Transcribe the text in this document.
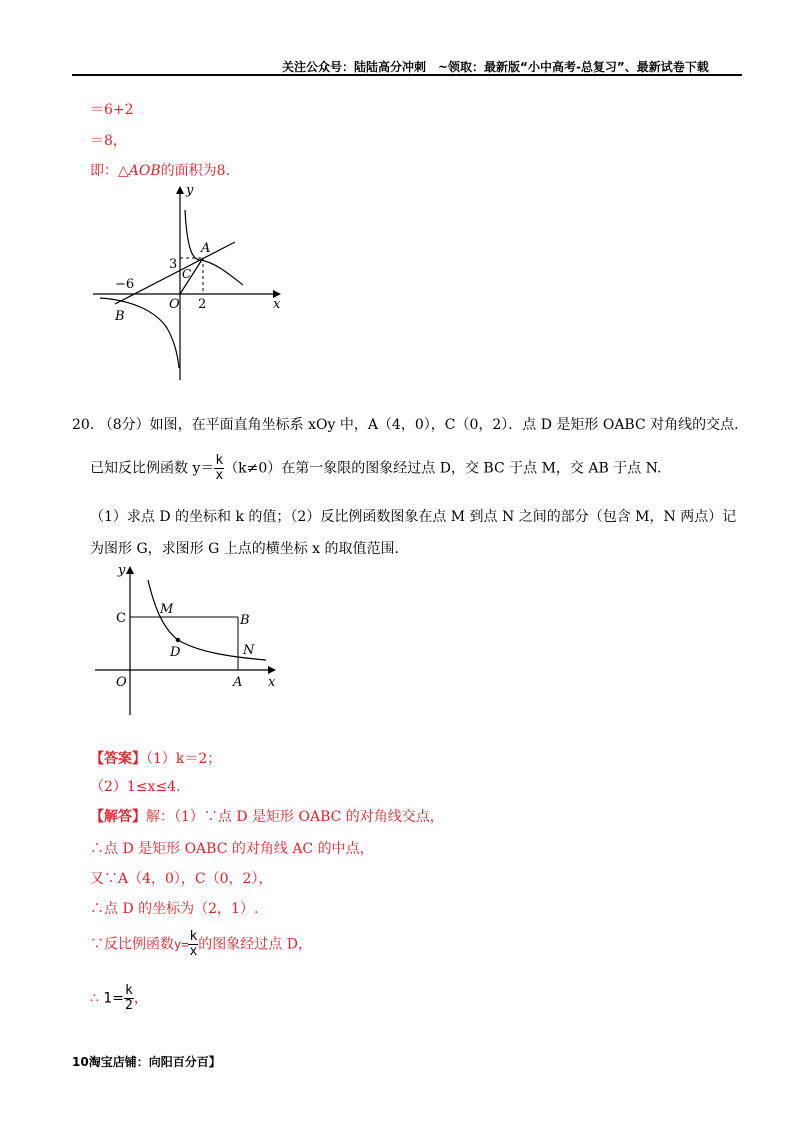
关注公众号：陆陆高分冲刺　~领取：最新版“小中高考-总复习”、最新试卷下载
＝6+2
＝8，
即：△AOB的面积为8.
y
x
A
B
C
O
3
2
−6
20. （8分）如图，在平面直角坐标系 xOy 中，A（4，0），C（0，2）．点 D 是矩形 OABC 对角线的交点.
已知反比例函数 $y= \frac{k}{x} (k\ne 0)$在第一象限的图象经过点 D，交 BC 于点 M，交 AB 于点 N.
（1）求点 D 的坐标和 k 的值；（2）反比例函数图象在点 M 到点 N 之间的部分（包含 M，N 两点）记
为图形 G，求图形 G 上点的横坐标 x 的取值范围.
y
x
C
M
B
D	N
O	A
【答案】（1）k＝2；
（2）1≤x≤4.
【解答】解：（1）∵点 D 是矩形 OABC 的对角线交点，
∴点 D 是矩形 OABC 的对角线 AC 的中点，
又∵A（4，0），C（0，2），
∴点 D 的坐标为（2，1）.
∵反比例函数$y= \frac{k}{x}$ 的图象经过点 D，
∴ $1= \frac{k}{2}$ ，
10淘宝店铺：向阳百分百】
